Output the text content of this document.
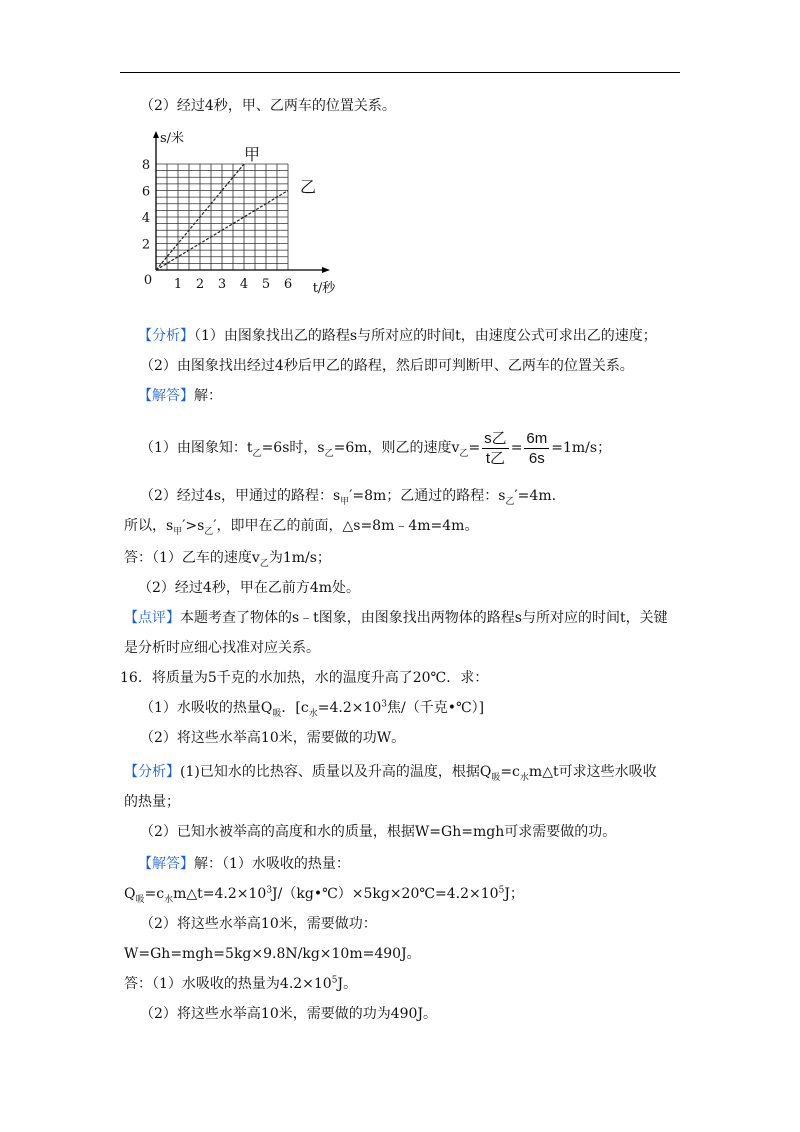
（2）经过4秒，甲、乙两车的位置关系。
s/米
t/秒
0 1 2 3 4 5 6
2
4
6
8
甲
乙
【分析】（1）由图象找出乙的路程s与所对应的时间t，由速度公式可求出乙的速度；
（2）由图象找出经过4秒后甲乙的路程，然后即可判断甲、乙两车的位置关系。
【解答】解：
（1）由图象知：$t_乙=6s$时，$s_乙=6m$，则乙的速度$v_乙= \frac{\text{s乙}}{\text{t乙}} = \frac{6m}{6s} =1m/s$；
（2）经过4s，甲通过的路程：$s_甲'=8m$；乙通过的路程：$s_乙'=4m$.
所以，$s_甲'>s_乙'$，即甲在乙的前面，△s=8m﹣4m=4m。
答：（1）乙车的速度$v_乙$为1m/s；
（2）经过4秒，甲在乙前方4m处。
【点评】本题考查了物体的s﹣t图象，由图象找出两物体的路程s与所对应的时间t，关键
是分析时应细心找准对应关系。
16．将质量为5千克的水加热，水的温度升高了20℃．求：
（1）水吸收的热量$Q_吸$．[$c_水=4.2\times 10^3$焦/（千克•℃）]
（2）将这些水举高10米，需要做的功W。
【分析】(1)已知水的比热容、质量以及升高的温度，根据$Q_吸=c_水m\triangle t$可求这些水吸收
的热量；
（2）已知水被举高的高度和水的质量，根据W=Gh=mgh可求需要做的功。
【解答】解：（1）水吸收的热量：
$Q_吸=c_水m\triangle t=4.2\times 10^3J/(kg•℃)\times 5kg\times 20℃=4.2\times 10^5J$；
（2）将这些水举高10米，需要做功：
W=Gh=mgh=5kg×9.8N/kg×10m=490J。
答：（1）水吸收的热量为$4.2\times 10^5J$。
（2）将这些水举高10米，需要做的功为490J。
